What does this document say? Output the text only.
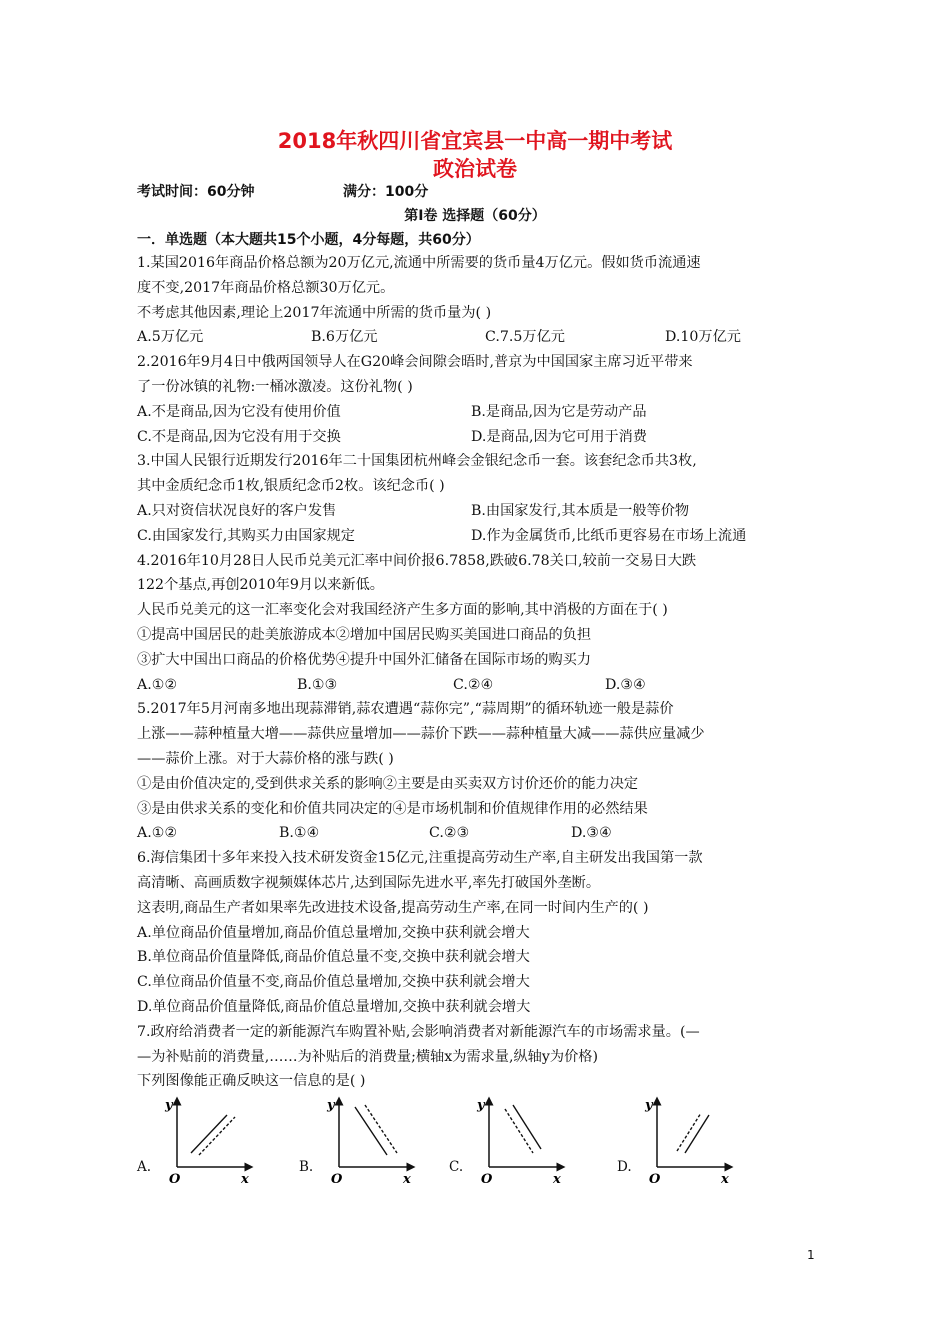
2018年秋四川省宜宾县一中高一期中考试
政治试卷
考试时间：60分钟	满分：100分
第Ⅰ卷 选择题（60分）
一．单选题（本大题共15个小题，4分每题，共60分）
1.某国2016年商品价格总额为20万亿元,流通中所需要的货币量4万亿元。假如货币流通速
度不变,2017年商品价格总额30万亿元。
不考虑其他因素,理论上2017年流通中所需的货币量为( )
A.5万亿元	B.6万亿元	C.7.5万亿元	D.10万亿元
2.2016年9月4日中俄两国领导人在G20峰会间隙会晤时,普京为中国国家主席习近平带来
了一份冰镇的礼物:一桶冰激凌。这份礼物( )
A.不是商品,因为它没有使用价值	B.是商品,因为它是劳动产品
C.不是商品,因为它没有用于交换	D.是商品,因为它可用于消费
3.中国人民银行近期发行2016年二十国集团杭州峰会金银纪念币一套。该套纪念币共3枚,
其中金质纪念币1枚,银质纪念币2枚。该纪念币( )
A.只对资信状况良好的客户发售	B.由国家发行,其本质是一般等价物
C.由国家发行,其购买力由国家规定	D.作为金属货币,比纸币更容易在市场上流通
4.2016年10月28日人民币兑美元汇率中间价报6.7858,跌破6.78关口,较前一交易日大跌
122个基点,再创2010年9月以来新低。
人民币兑美元的这一汇率变化会对我国经济产生多方面的影响,其中消极的方面在于( )
①提高中国居民的赴美旅游成本②增加中国居民购买美国进口商品的负担
③扩大中国出口商品的价格优势④提升中国外汇储备在国际市场的购买力
A.①②	B.①③	C.②④	D.③④
5.2017年5月河南多地出现蒜滞销,蒜农遭遇“蒜你完”,“蒜周期”的循环轨迹一般是蒜价
上涨——蒜种植量大增——蒜供应量增加——蒜价下跌——蒜种植量大减——蒜供应量减少
——蒜价上涨。对于大蒜价格的涨与跌( )
①是由价值决定的,受到供求关系的影响②主要是由买卖双方讨价还价的能力决定
③是由供求关系的变化和价值共同决定的④是市场机制和价值规律作用的必然结果
A.①②	B.①④	C.②③	D.③④
6.海信集团十多年来投入技术研发资金15亿元,注重提高劳动生产率,自主研发出我国第一款
高清晰、高画质数字视频媒体芯片,达到国际先进水平,率先打破国外垄断。
这表明,商品生产者如果率先改进技术设备,提高劳动生产率,在同一时间内生产的( )
A.单位商品价值量增加,商品价值总量增加,交换中获利就会增大
B.单位商品价值量降低,商品价值总量不变,交换中获利就会增大
C.单位商品价值量不变,商品价值总量增加,交换中获利就会增大
D.单位商品价值量降低,商品价值总量增加,交换中获利就会增大
7.政府给消费者一定的新能源汽车购置补贴,会影响消费者对新能源汽车的市场需求量。(—
—为补贴前的消费量,……为补贴后的消费量;横轴x为需求量,纵轴y为价格)
下列图像能正确反映这一信息的是( )
A.
y
O	x
B.
y
O	x
C.
y
O	x
D.
y
O	x
1
